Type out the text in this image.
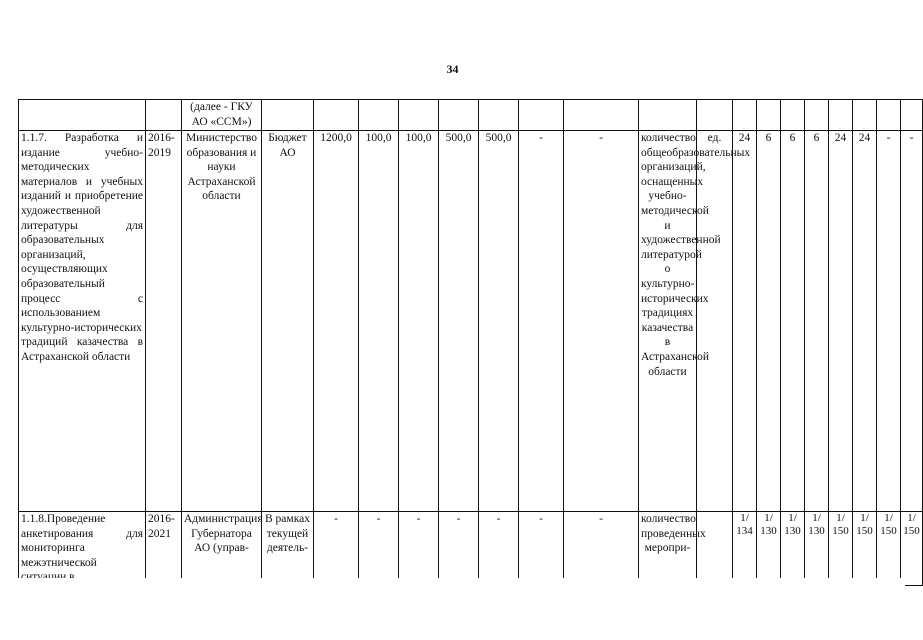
34
		(далее - ГКУ АО «ССМ»)																		
1.1.7. Разработка и издание учебно-методических материалов и учебных изданий и приобретение художественной литературы для образовательных организаций, осуществляющих образовательный процесс с использованием культурно-исторических традиций казачества в Астраханской области	2016-2019	Министерство образования и науки Астраханской области	Бюджет АО	1200,0	100,0	100,0	500,0	500,0	-	-	количество общеобразовательных организаций, оснащенных учебно-методической и художественной литературой о культурно-исторических традициях казачества в Астраханской области	ед.	24	6	6	6	24	24	-	-
1.1.8.Проведение анкетирования для мониторинга межэтнической	2016-2021	Администрация Губернатора АО (управ-	В рамках текущей деятель-	-	-	-	-	-	-	-	количество проведенных меропри-		1/ 134	1/ 130	1/ 130	1/ 130	1/ 150	1/ 150	1/ 150	1/ 150
